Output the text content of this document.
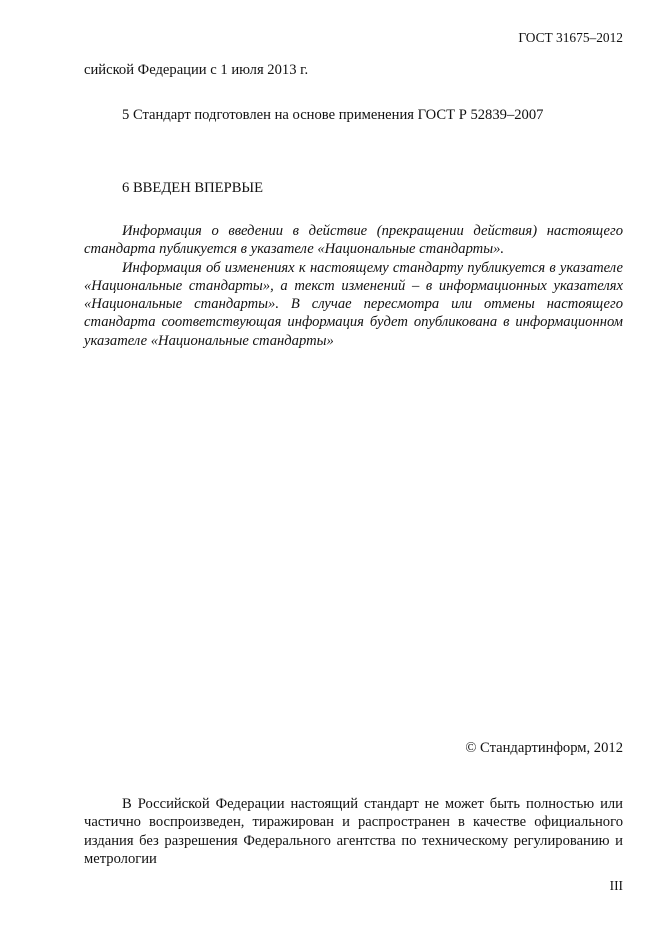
ГОСТ 31675–2012
сийской Федерации с 1 июля 2013 г.
5 Стандарт подготовлен на основе применения ГОСТ Р 52839–2007
6 ВВЕДЕН ВПЕРВЫЕ

Информация о введении в действие (прекращении действия) настоящего стандарта публикуется в указателе «Национальные стандарты».

Информация об изменениях к настоящему стандарту публикуется в указателе «Национальные стандарты», а текст изменений – в информационных указателях «Национальные стандарты». В случае пересмотра или отмены настоящего стандарта соответствующая информация будет опубликована в информационном указателе «Национальные стандарты»

© Стандартинформ, 2012

В Российской Федерации настоящий стандарт не может быть полностью или частично воспроизведен, тиражирован и распространен в качестве официального издания без разрешения Федерального агентства по техническому регулированию и метрологии

III
